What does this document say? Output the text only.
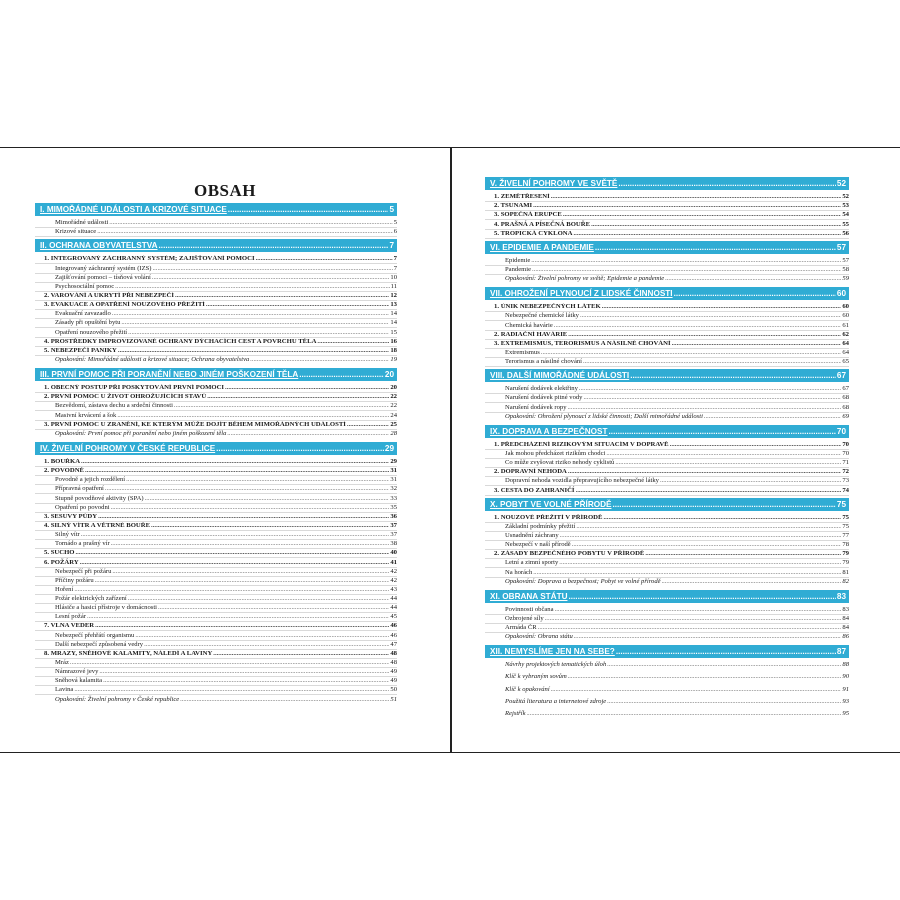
OBSAH
I. MIMOŘÁDNÉ UDÁLOSTI A KRIZOVÉ SITUACE .....	5
Mimořádné události .....	5
Krizové situace .....	6
II. OCHRANA OBYVATELSTVA .....	7
1. INTEGROVANÝ ZÁCHRANNÝ SYSTÉM; ZAJIŠŤOVÁNÍ POMOCI .....	7
Integrovaný záchranný systém (IZS) .....	7
Zajišťování pomoci – tísňová volání .....	10
Psychosociální pomoc .....	11
2. VAROVÁNÍ A UKRYTÍ PŘI NEBEZPEČÍ .....	12
3. EVAKUACE A OPATŘENÍ NOUZOVÉHO PŘEŽITÍ .....	13
Evakuační zavazadlo .....	14
Zásady při opuštění bytu .....	14
Opatření nouzového přežití .....	15
4. PROSTŘEDKY IMPROVIZOVANÉ OCHRANY DÝCHACÍCH CEST A POVRCHU TĚLA .....	16
5. NEBEZPEČÍ PANIKY .....	18
Opakování: Mimořádné události a krizové situace; Ochrana obyvatelstva .....	19
III. PRVNÍ POMOC PŘI PORANĚNÍ NEBO JINÉM POŠKOZENÍ TĚLA .....	20
1. OBECNÝ POSTUP PŘI POSKYTOVÁNÍ PRVNÍ POMOCI .....	20
2. PRVNÍ POMOC U ŽIVOT OHROŽUJÍCÍCH STAVŮ .....	22
Bezvědomí, zástava dechu a srdeční činnosti .....	22
Masivní krvácení a šok .....	24
3. PRVNÍ POMOC U ZRANĚNÍ, KE KTERÝM MŮŽE DOJÍT BĚHEM MIMOŘÁDNÝCH UDÁLOSTÍ .....	25
Opakování: První pomoc při poranění nebo jiném poškození těla .....	28
IV. ŽIVELNÍ POHROMY V ČESKÉ REPUBLICE .....	29
1. BOUŘKA .....	29
2. POVODNĚ .....	31
Povodně a jejich rozdělení .....	31
Přípravná opatření .....	32
Stupně povodňové aktivity (SPA) .....	33
Opatření po povodni .....	35
3. SESUVY PŮDY .....	36
4. SILNÝ VÍTR A VĚTRNÉ BOUŘE .....	37
Silný vítr .....	37
Tornádo a prašný vír .....	38
5. SUCHO .....	40
6. POŽÁRY .....	41
Nebezpečí při požáru .....	42
Příčiny požáru .....	42
Hoření .....	43
Požár elektrických zařízení .....	44
Hlásiče a hasicí přístroje v domácnosti .....	44
Lesní požár .....	45
7. VLNA VEDER .....	46
Nebezpečí přehřátí organismu .....	46
Další nebezpečí způsobená vedry .....	47
8. MRAZY, SNĚHOVÉ KALAMITY, NÁLEDÍ A LAVINY .....	48
Mráz .....	48
Námrazové jevy .....	49
Sněhová kalamita .....	49
Lavina .....	50
Opakování: Živelní pohromy v České republice .....	51
V. ŽIVELNÍ POHROMY VE SVĚTĚ .....	52
1. ZEMĚTŘESENÍ .....	52
2. TSUNAMI .....	53
3. SOPEČNÁ ERUPCE .....	54
4. PRAŠNÁ A PÍSEČNÁ BOUŘE .....	55
5. TROPICKÁ CYKLONA .....	56
VI. EPIDEMIE A PANDEMIE .....	57
Epidemie .....	57
Pandemie .....	58
Opakování: Živelní pohromy ve světě; Epidemie a pandemie .....	59
VII. OHROŽENÍ PLYNOUCÍ Z LIDSKÉ ČINNOSTI .....	60
1. ÚNIK NEBEZPEČNÝCH LÁTEK .....	60
Nebezpečné chemické látky .....	60
Chemická havárie .....	61
2. RADIAČNÍ HAVÁRIE .....	62
3. EXTREMISMUS, TERORISMUS A NÁSILNÉ CHOVÁNÍ .....	64
Extremismus .....	64
Terorismus a násilné chování .....	65
VIII. DALŠÍ MIMOŘÁDNÉ UDÁLOSTI .....	67
Narušení dodávek elektřiny .....	67
Narušení dodávek pitné vody .....	68
Narušení dodávek ropy .....	68
Opakování: Ohrožení plynoucí z lidské činnosti; Další mimořádné události .....	69
IX. DOPRAVA A BEZPEČNOST .....	70
1. PŘEDCHÁZENÍ RIZIKOVÝM SITUACÍM V DOPRAVĚ .....	70
Jak mohou předcházet rizikům chodci .....	70
Co může zvyšovat riziko nehody cyklistů .....	71
2. DOPRAVNÍ NEHODA .....	72
Dopravní nehoda vozidla přepravujícího nebezpečné látky .....	73
3. CESTA DO ZAHRANIČÍ .....	74
X. POBYT VE VOLNÉ PŘÍRODĚ .....	75
1. NOUZOVÉ PŘEŽITÍ V PŘÍRODĚ .....	75
Základní podmínky přežití .....	75
Usnadnění záchrany .....	77
Nebezpečí v naší přírodě .....	78
2. ZÁSADY BEZPEČNÉHO POBYTU V PŘÍRODĚ .....	79
Letní a zimní sporty .....	79
Na horách .....	81
Opakování: Doprava a bezpečnost; Pobyt ve volné přírodě .....	82
XI. OBRANA STÁTU .....	83
Povinnosti občana .....	83
Ozbrojené síly .....	84
Armáda ČR .....	84
Opakování: Obrana státu .....	86
XII. NEMYSLÍME JEN NA SEBE? .....	87
Návrhy projektových tematických úloh .....	88
Klíč k vybraným sovům .....	90
Klíč k opakování .....	91
Použitá literatura a internetové zdroje .....	93
Rejstřík .....	95
